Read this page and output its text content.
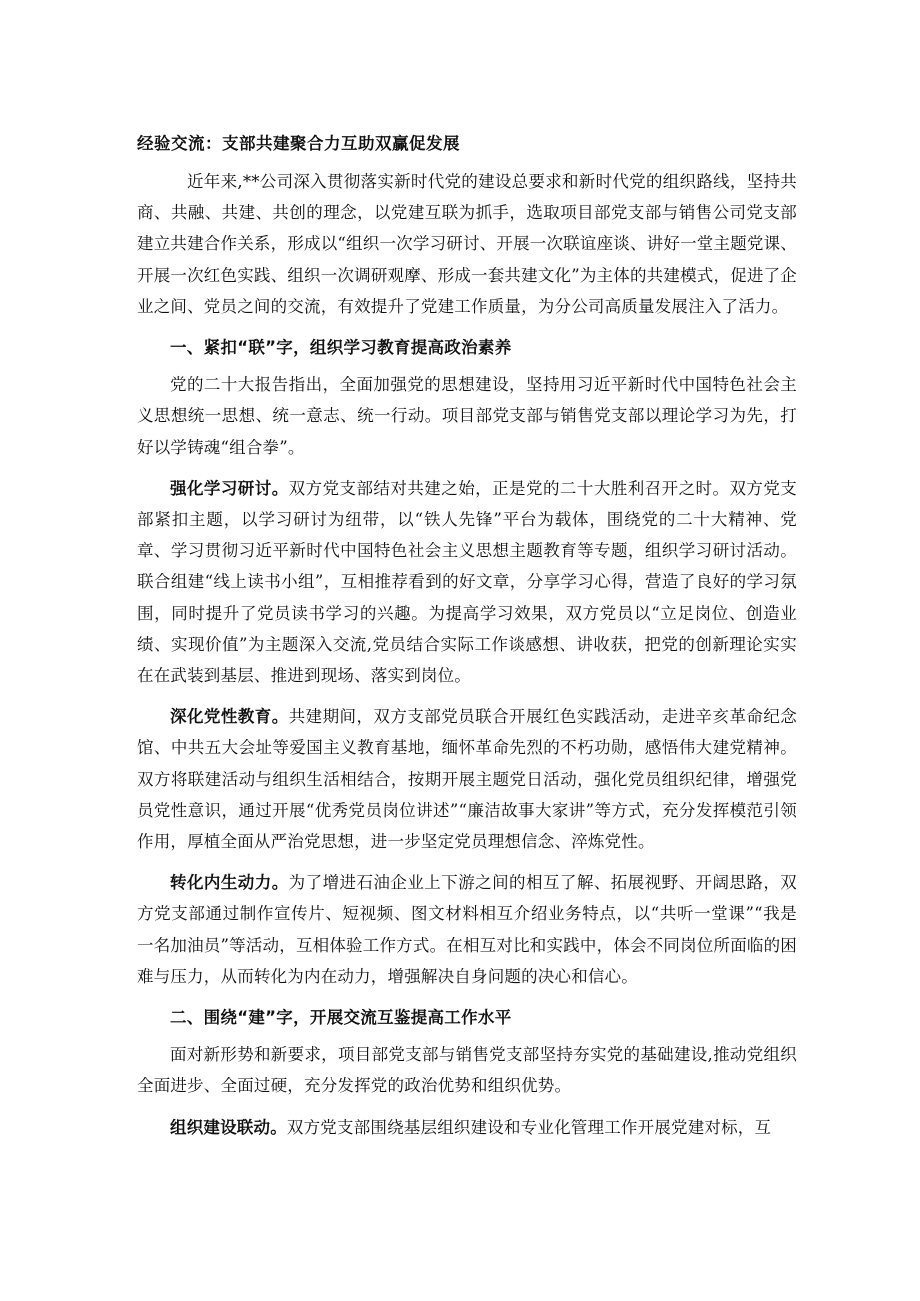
经验交流：支部共建聚合力互助双赢促发展

近年来,**公司深入贯彻落实新时代党的建设总要求和新时代党的组织路线，坚持共商、共融、共建、共创的理念，以党建互联为抓手，选取项目部党支部与销售公司党支部建立共建合作关系，形成以“组织一次学习研讨、开展一次联谊座谈、讲好一堂主题党课、开展一次红色实践、组织一次调研观摩、形成一套共建文化”为主体的共建模式，促进了企业之间、党员之间的交流，有效提升了党建工作质量，为分公司高质量发展注入了活力。

一、紧扣“联”字，组织学习教育提高政治素养

党的二十大报告指出，全面加强党的思想建设，坚持用习近平新时代中国特色社会主义思想统一思想、统一意志、统一行动。项目部党支部与销售党支部以理论学习为先，打好以学铸魂“组合拳”。

强化学习研讨。双方党支部结对共建之始，正是党的二十大胜利召开之时。双方党支部紧扣主题，以学习研讨为纽带，以“铁人先锋”平台为载体，围绕党的二十大精神、党章、学习贯彻习近平新时代中国特色社会主义思想主题教育等专题，组织学习研讨活动。联合组建“线上读书小组”，互相推荐看到的好文章，分享学习心得，营造了良好的学习氛围，同时提升了党员读书学习的兴趣。为提高学习效果，双方党员以“立足岗位、创造业绩、实现价值”为主题深入交流,党员结合实际工作谈感想、讲收获，把党的创新理论实实在在武装到基层、推进到现场、落实到岗位。

深化党性教育。共建期间，双方支部党员联合开展红色实践活动，走进辛亥革命纪念馆、中共五大会址等爱国主义教育基地，缅怀革命先烈的不朽功勋，感悟伟大建党精神。双方将联建活动与组织生活相结合，按期开展主题党日活动，强化党员组织纪律，增强党员党性意识，通过开展“优秀党员岗位讲述”“廉洁故事大家讲”等方式，充分发挥模范引领作用，厚植全面从严治党思想，进一步坚定党员理想信念、淬炼党性。

转化内生动力。为了增进石油企业上下游之间的相互了解、拓展视野、开阔思路，双方党支部通过制作宣传片、短视频、图文材料相互介绍业务特点，以“共听一堂课”“我是一名加油员”等活动，互相体验工作方式。在相互对比和实践中，体会不同岗位所面临的困难与压力，从而转化为内在动力，增强解决自身问题的决心和信心。

二、围绕“建”字，开展交流互鉴提高工作水平

面对新形势和新要求，项目部党支部与销售党支部坚持夯实党的基础建设,推动党组织全面进步、全面过硬，充分发挥党的政治优势和组织优势。

组织建设联动。双方党支部围绕基层组织建设和专业化管理工作开展党建对标，互
